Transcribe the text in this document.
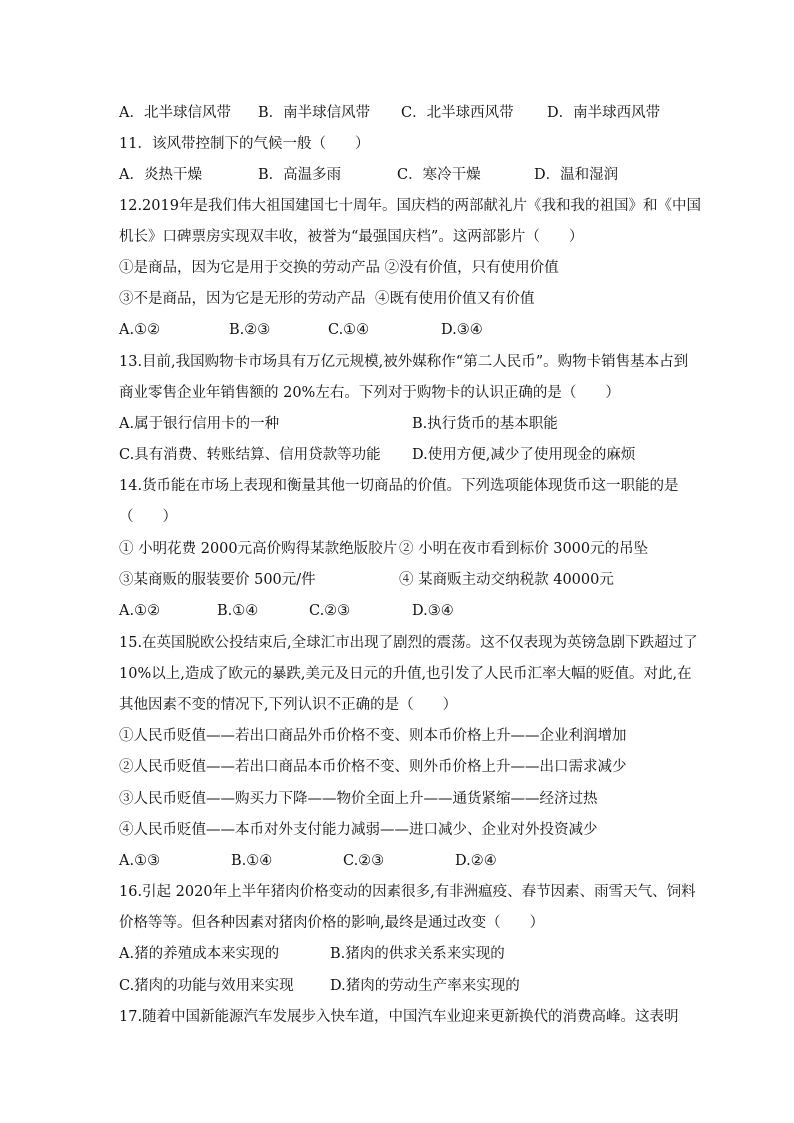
A．北半球信风带 B．南半球信风带 C．北半球西风带 D．南半球西风带
11．该风带控制下的气候一般（　　）
A．炎热干燥	B．高温多雨	C．寒冷干燥	D．温和湿润
12.2019年是我们伟大祖国建国七十周年。国庆档的两部献礼片《我和我的祖国》和《中国
机长》口碑票房实现双丰收，被誉为“最强国庆档”。这两部影片（　　）
①是商品，因为它是用于交换的劳动产品 ②没有价值，只有使用价值
③不是商品，因为它是无形的劳动产品 ④既有使用价值又有价值
A.①②	B.②③	C.①④	D.③④
13.目前,我国购物卡市场具有万亿元规模,被外媒称作“第二人民币”。购物卡销售基本占到
商业零售企业年销售额的 20%左右。下列对于购物卡的认识正确的是（　　）
A.属于银行信用卡的一种	B.执行货币的基本职能
C.具有消费、转账结算、信用贷款等功能 D.使用方便,减少了使用现金的麻烦
14.货币能在市场上表现和衡量其他一切商品的价值。下列选项能体现货币这一职能的是
（　　）
① 小明花费 2000元高价购得某款绝版胶片 ② 小明在夜市看到标价 3000元的吊坠
③某商贩的服装要价 500元/件	④ 某商贩主动交纳税款 40000元
A.①②	B.①④	C.②③	D.③④
15.在英国脱欧公投结束后,全球汇市出现了剧烈的震荡。这不仅表现为英镑急剧下跌超过了
10%以上,造成了欧元的暴跌,美元及日元的升值,也引发了人民币汇率大幅的贬值。对此,在
其他因素不变的情况下,下列认识不正确的是（　　）
①人民币贬值——若出口商品外币价格不变、则本币价格上升——企业利润增加
②人民币贬值——若出口商品本币价格不变、则外币价格上升——出口需求减少
③人民币贬值——购买力下降——物价全面上升——通货紧缩——经济过热
④人民币贬值——本币对外支付能力减弱——进口减少、企业对外投资减少
A.①③	B.①④	C.②③	D.②④
16.引起 2020年上半年猪肉价格变动的因素很多,有非洲瘟疫、春节因素、雨雪天气、饲料
价格等等。但各种因素对猪肉价格的影响,最终是通过改变（　　）
A.猪的养殖成本来实现的	B.猪肉的供求关系来实现的
C.猪肉的功能与效用来实现	D.猪肉的劳动生产率来实现的
17.随着中国新能源汽车发展步入快车道，中国汽车业迎来更新换代的消费高峰。这表明
